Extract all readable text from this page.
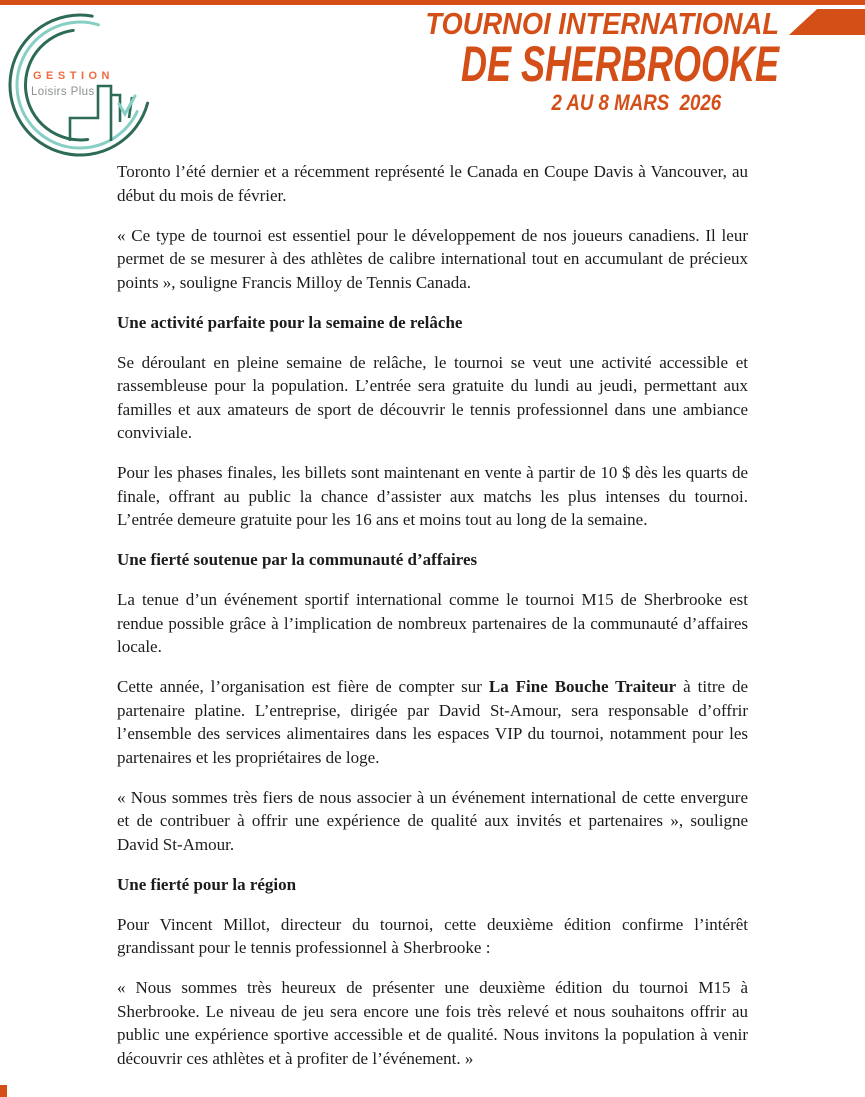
GESTION
Loisirs Plus
TOURNOI INTERNATIONAL
DE SHERBROOKE
2 AU 8 MARS  2026

Toronto l’été dernier et a récemment représenté le Canada en Coupe Davis à Vancouver, au début du mois de février.

« Ce type de tournoi est essentiel pour le développement de nos joueurs canadiens. Il leur permet de se mesurer à des athlètes de calibre international tout en accumulant de précieux points », souligne Francis Milloy de Tennis Canada.

Une activité parfaite pour la semaine de relâche

Se déroulant en pleine semaine de relâche, le tournoi se veut une activité accessible et rassembleuse pour la population. L’entrée sera gratuite du lundi au jeudi, permettant aux familles et aux amateurs de sport de découvrir le tennis professionnel dans une ambiance conviviale.

Pour les phases finales, les billets sont maintenant en vente à partir de 10 $ dès les quarts de finale, offrant au public la chance d’assister aux matchs les plus intenses du tournoi. L’entrée demeure gratuite pour les 16 ans et moins tout au long de la semaine.

Une fierté soutenue par la communauté d’affaires

La tenue d’un événement sportif international comme le tournoi M15 de Sherbrooke est rendue possible grâce à l’implication de nombreux partenaires de la communauté d’affaires locale.

Cette année, l’organisation est fière de compter sur La Fine Bouche Traiteur à titre de partenaire platine. L’entreprise, dirigée par David St-Amour, sera responsable d’offrir l’ensemble des services alimentaires dans les espaces VIP du tournoi, notamment pour les partenaires et les propriétaires de loge.

« Nous sommes très fiers de nous associer à un événement international de cette envergure et de contribuer à offrir une expérience de qualité aux invités et partenaires », souligne David St-Amour.

Une fierté pour la région

Pour Vincent Millot, directeur du tournoi, cette deuxième édition confirme l’intérêt grandissant pour le tennis professionnel à Sherbrooke :

« Nous sommes très heureux de présenter une deuxième édition du tournoi M15 à Sherbrooke. Le niveau de jeu sera encore une fois très relevé et nous souhaitons offrir au public une expérience sportive accessible et de qualité. Nous invitons la population à venir découvrir ces athlètes et à profiter de l’événement. »
